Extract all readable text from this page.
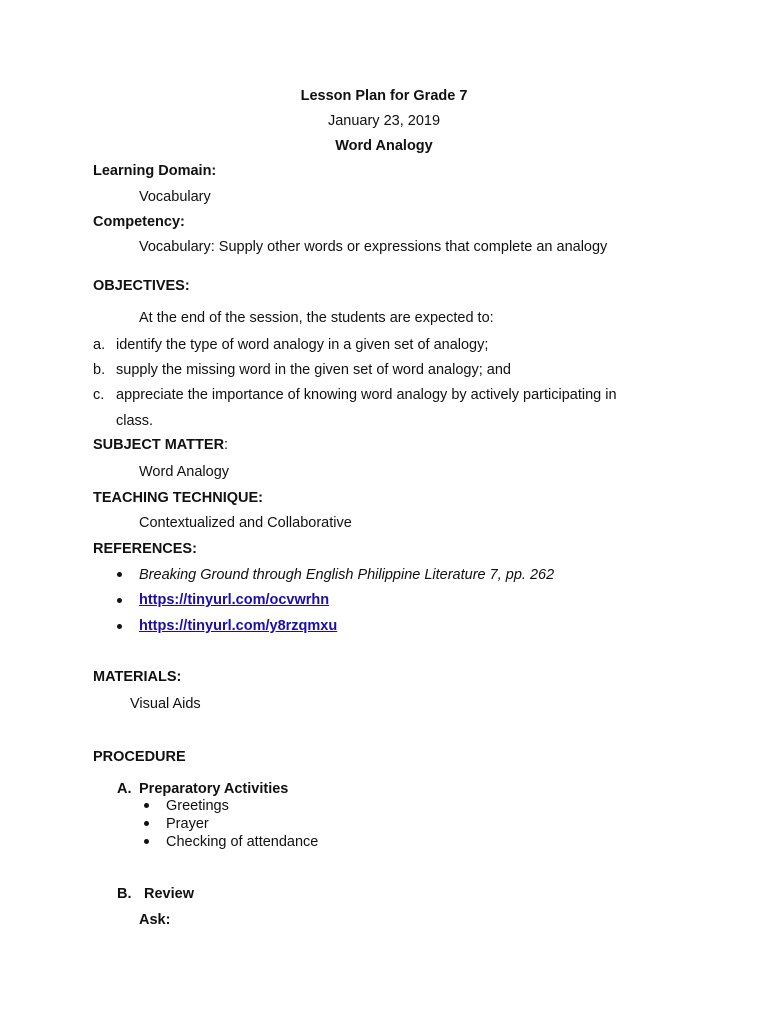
Lesson Plan for Grade 7
January 23, 2019
Word Analogy
Learning Domain:
Vocabulary
Competency:
Vocabulary: Supply other words or expressions that complete an analogy
OBJECTIVES:
At the end of the session, the students are expected to:
a. identify the type of word analogy in a given set of analogy;
b. supply the missing word in the given set of word analogy; and
c. appreciate the importance of knowing word analogy by actively participating in
class.
SUBJECT MATTER:
Word Analogy
TEACHING TECHNIQUE:
Contextualized and Collaborative
REFERENCES:
Breaking Ground through English Philippine Literature 7, pp. 262
https://tinyurl.com/ocvwrhn
https://tinyurl.com/y8rzqmxu
MATERIALS:
Visual Aids
PROCEDURE
A. Preparatory Activities
Greetings
Prayer
Checking of attendance
B. Review
Ask:
